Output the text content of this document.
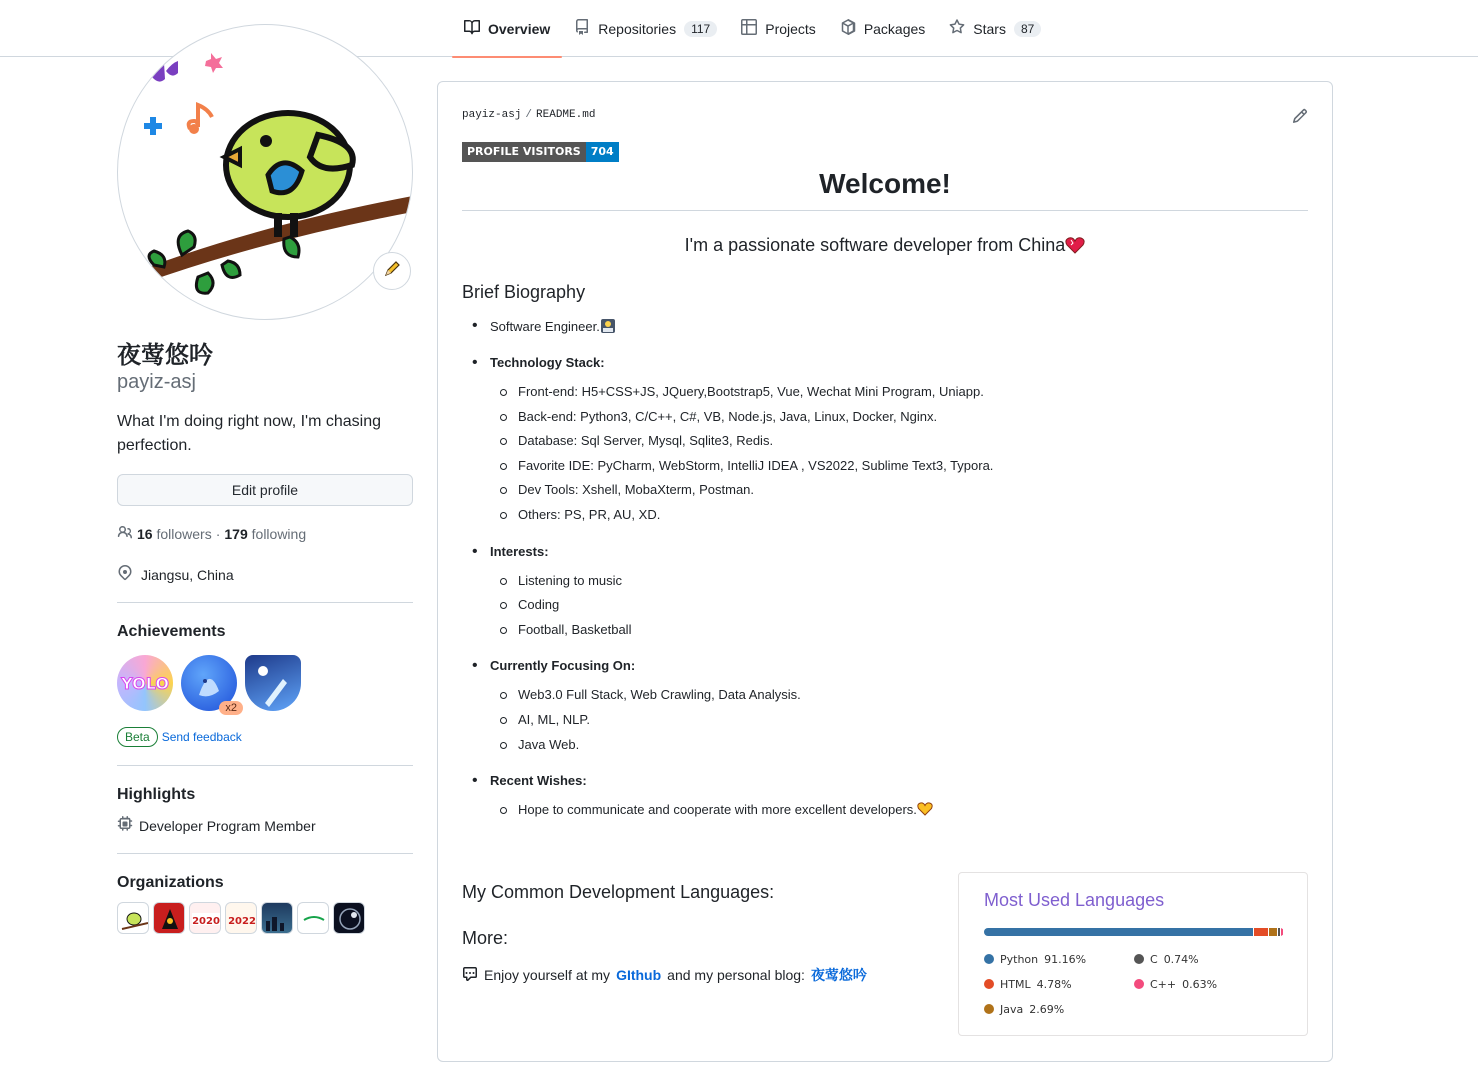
Overview	Repositories	117	Projects	Packages	Stars	87
夜莺悠吟
payiz-asj
What I'm doing right now, I'm chasing perfection.
Edit profile
16 followers · 179 following
Jiangsu, China
Achievements
YOLO
x2
Beta	Send feedback
Highlights
Developer Program Member
Organizations
2020 2022
payiz-asj / README.md
PROFILE VISITORS 704
Welcome!
I'm a passionate software developer from China
Brief Biography
• Software Engineer.
• Technology Stack:
Front-end: H5+CSS+JS, JQuery,Bootstrap5, Vue, Wechat Mini Program, Uniapp.
Back-end: Python3, C/C++, C#, VB, Node.js, Java, Linux, Docker, Nginx.
Database: Sql Server, Mysql, Sqlite3, Redis.
Favorite IDE: PyCharm, WebStorm, IntelliJ IDEA , VS2022, Sublime Text3, Typora.
Dev Tools: Xshell, MobaXterm, Postman.
Others: PS, PR, AU, XD.
• Interests:
Listening to music
Coding
Football, Basketball
• Currently Focusing On:
Web3.0 Full Stack, Web Crawling, Data Analysis.
AI, ML, NLP.
Java Web.
• Recent Wishes:
Hope to communicate and cooperate with more excellent developers.
My Common Development Languages:
More:
Enjoy yourself at my GIthub and my personal blog: 夜莺悠吟
Most Used Languages
Python 91.16%	C 0.74%
HTML 4.78%	C++ 0.63%
Java 2.69%
